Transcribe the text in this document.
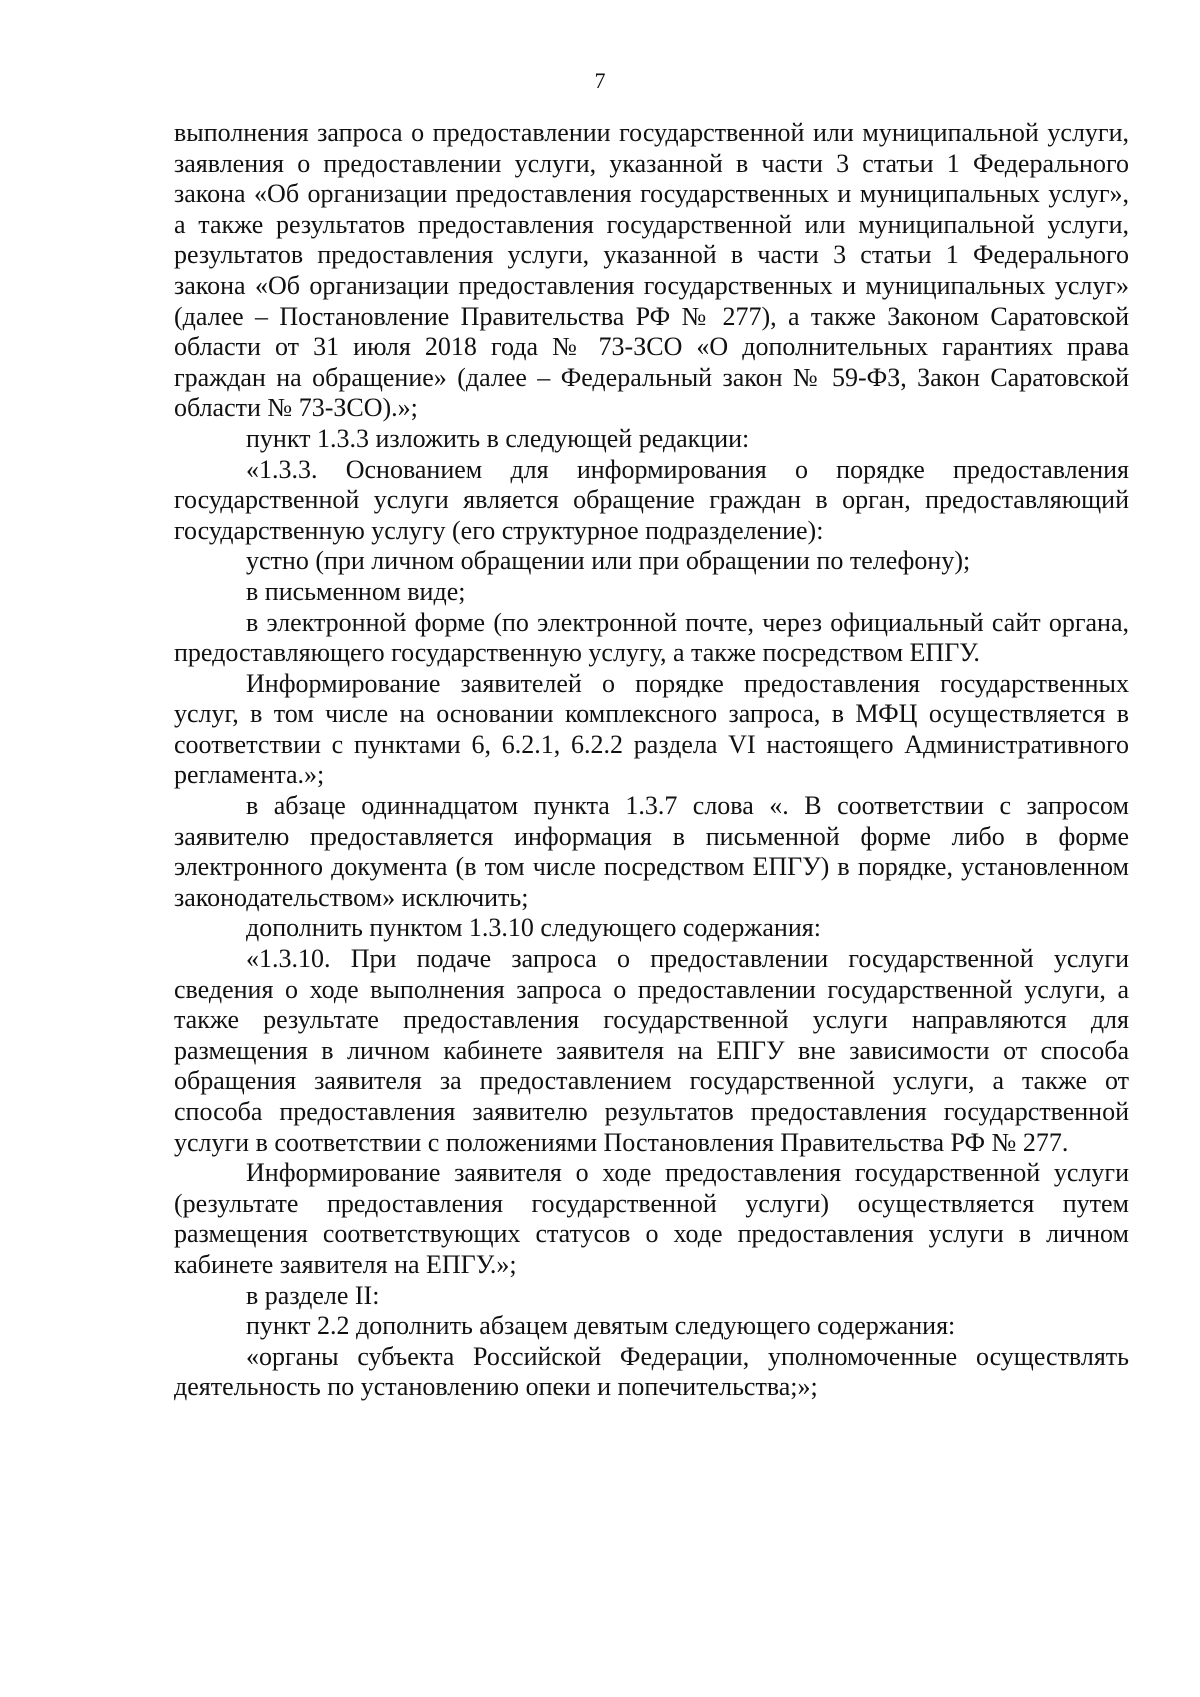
7

выполнения запроса о предоставлении государственной или муниципальной услуги, заявления о предоставлении услуги, указанной в части 3 статьи 1 Федерального закона «Об организации предоставления государственных и муниципальных услуг», а также результатов предоставления государственной или муниципальной услуги, результатов предоставления услуги, указанной в части 3 статьи 1 Федерального закона «Об организации предоставления государственных и муниципальных услуг» (далее – Постановление Правительства РФ № 277), а также Законом Саратовской области от 31 июля 2018 года № 73-ЗСО «О дополнительных гарантиях права граждан на обращение» (далее – Федеральный закон № 59-ФЗ, Закон Саратовской области № 73-ЗСО).»;

пункт 1.3.3 изложить в следующей редакции:

«1.3.3. Основанием для информирования о порядке предоставления государственной услуги является обращение граждан в орган, предоставляющий государственную услугу (его структурное подразделение):

устно (при личном обращении или при обращении по телефону);

в письменном виде;

в электронной форме (по электронной почте, через официальный сайт органа, предоставляющего государственную услугу, а также посредством ЕПГУ.

Информирование заявителей о порядке предоставления государственных услуг, в том числе на основании комплексного запроса, в МФЦ осуществляется в соответствии с пунктами 6, 6.2.1, 6.2.2 раздела VI настоящего Административного регламента.»;

в абзаце одиннадцатом пункта 1.3.7 слова «. В соответствии с запросом заявителю предоставляется информация в письменной форме либо в форме электронного документа (в том числе посредством ЕПГУ) в порядке, установленном законодательством» исключить;

дополнить пунктом 1.3.10 следующего содержания:

«1.3.10. При подаче запроса о предоставлении государственной услуги сведения о ходе выполнения запроса о предоставлении государственной услуги, а также результате предоставления государственной услуги направляются для размещения в личном кабинете заявителя на ЕПГУ вне зависимости от способа обращения заявителя за предоставлением государственной услуги, а также от способа предоставления заявителю результатов предоставления государственной услуги в соответствии с положениями Постановления Правительства РФ № 277.

Информирование заявителя о ходе предоставления государственной услуги (результате предоставления государственной услуги) осуществляется путем размещения соответствующих статусов о ходе предоставления услуги в личном кабинете заявителя на ЕПГУ.»;

в разделе II:

пункт 2.2 дополнить абзацем девятым следующего содержания:

«органы субъекта Российской Федерации, уполномоченные осуществлять деятельность по установлению опеки и попечительства;»;
